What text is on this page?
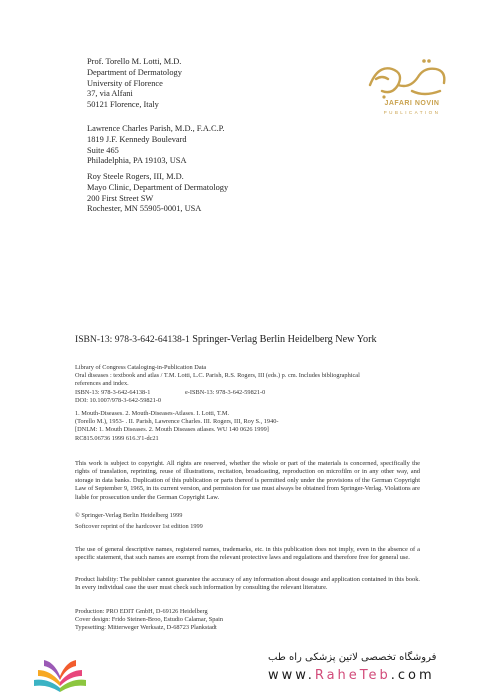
Prof. Torello M. Lotti, M.D.
Department of Dermatology
University of Florence
37, via Alfani
50121 Florence, Italy
Lawrence Charles Parish, M.D., F.A.C.P.
1819 J.F. Kennedy Boulevard
Suite 465
Philadelphia, PA 19103, USA
Roy Steele Rogers, III, M.D.
Mayo Clinic, Department of Dermatology
200 First Street SW
Rochester, MN 55905-0001, USA
JAFARI NOVIN
PUBLICATION
ISBN-13: 978-3-642-64138-1 Springer-Verlag Berlin Heidelberg New York
Library of Congress Cataloging-in-Publication Data
Oral diseases : textbook and atlas / T.M. Lotti, L.C. Parish, R.S. Rogers, III (eds.) p. cm. Includes bibliographical
references and index.
ISBN-13: 978-3-642-64138-1	e-ISBN-13: 978-3-642-59821-0
DOI: 10.1007/978-3-642-59821-0
1. Mouth-Diseases. 2. Mouth-Diseases-Atlases. I. Lotti, T.M.
(Torello M.), 1953- . II. Parish, Lawrence Charles. III. Rogers, III, Roy S., 1940-
[DNLM: 1. Mouth Diseases. 2. Mouth Diseases atlases. WU 140 0626 1999]
RC815.06736 1999 616.3'1-dc21
This work is subject to copyright. All rights are reserved, whether the whole or part of the materials is concerned, specifically the rights of translation, reprinting, reuse of illustrations, recitation, broadcasting, reproduction on microfilm or in any other way, and storage in data banks. Duplication of this publication or parts thereof is permitted only under the provisions of the German Copyright Law of September 9, 1965, in its current version, and permission for use must always be obtained from Springer-Verlag. Violations are liable for prosecution under the German Copyright Law.
© Springer-Verlag Berlin Heidelberg 1999
Softcover reprint of the hardcover 1st edition 1999
The use of general descriptive names, registered names, trademarks, etc. in this publication does not imply, even in the absence of a specific statement, that such names are exempt from the relevant protective laws and regulations and therefore free for general use.
Product liability: The publisher cannot guarantee the accuracy of any information about dosage and application contained in this book. In every individual case the user must check such information by consulting the relevant literature.
Production: PRO EDIT GmbH, D-69126 Heidelberg
Cover design: Frido Steinen-Broo, Estudio Calamar, Spain
Typesetting: Mitterweger Werksatz, D-68723 Plankstadt
فروشگاه تخصصی لاتین پزشکی راه طب
www.RaheTeb.com
